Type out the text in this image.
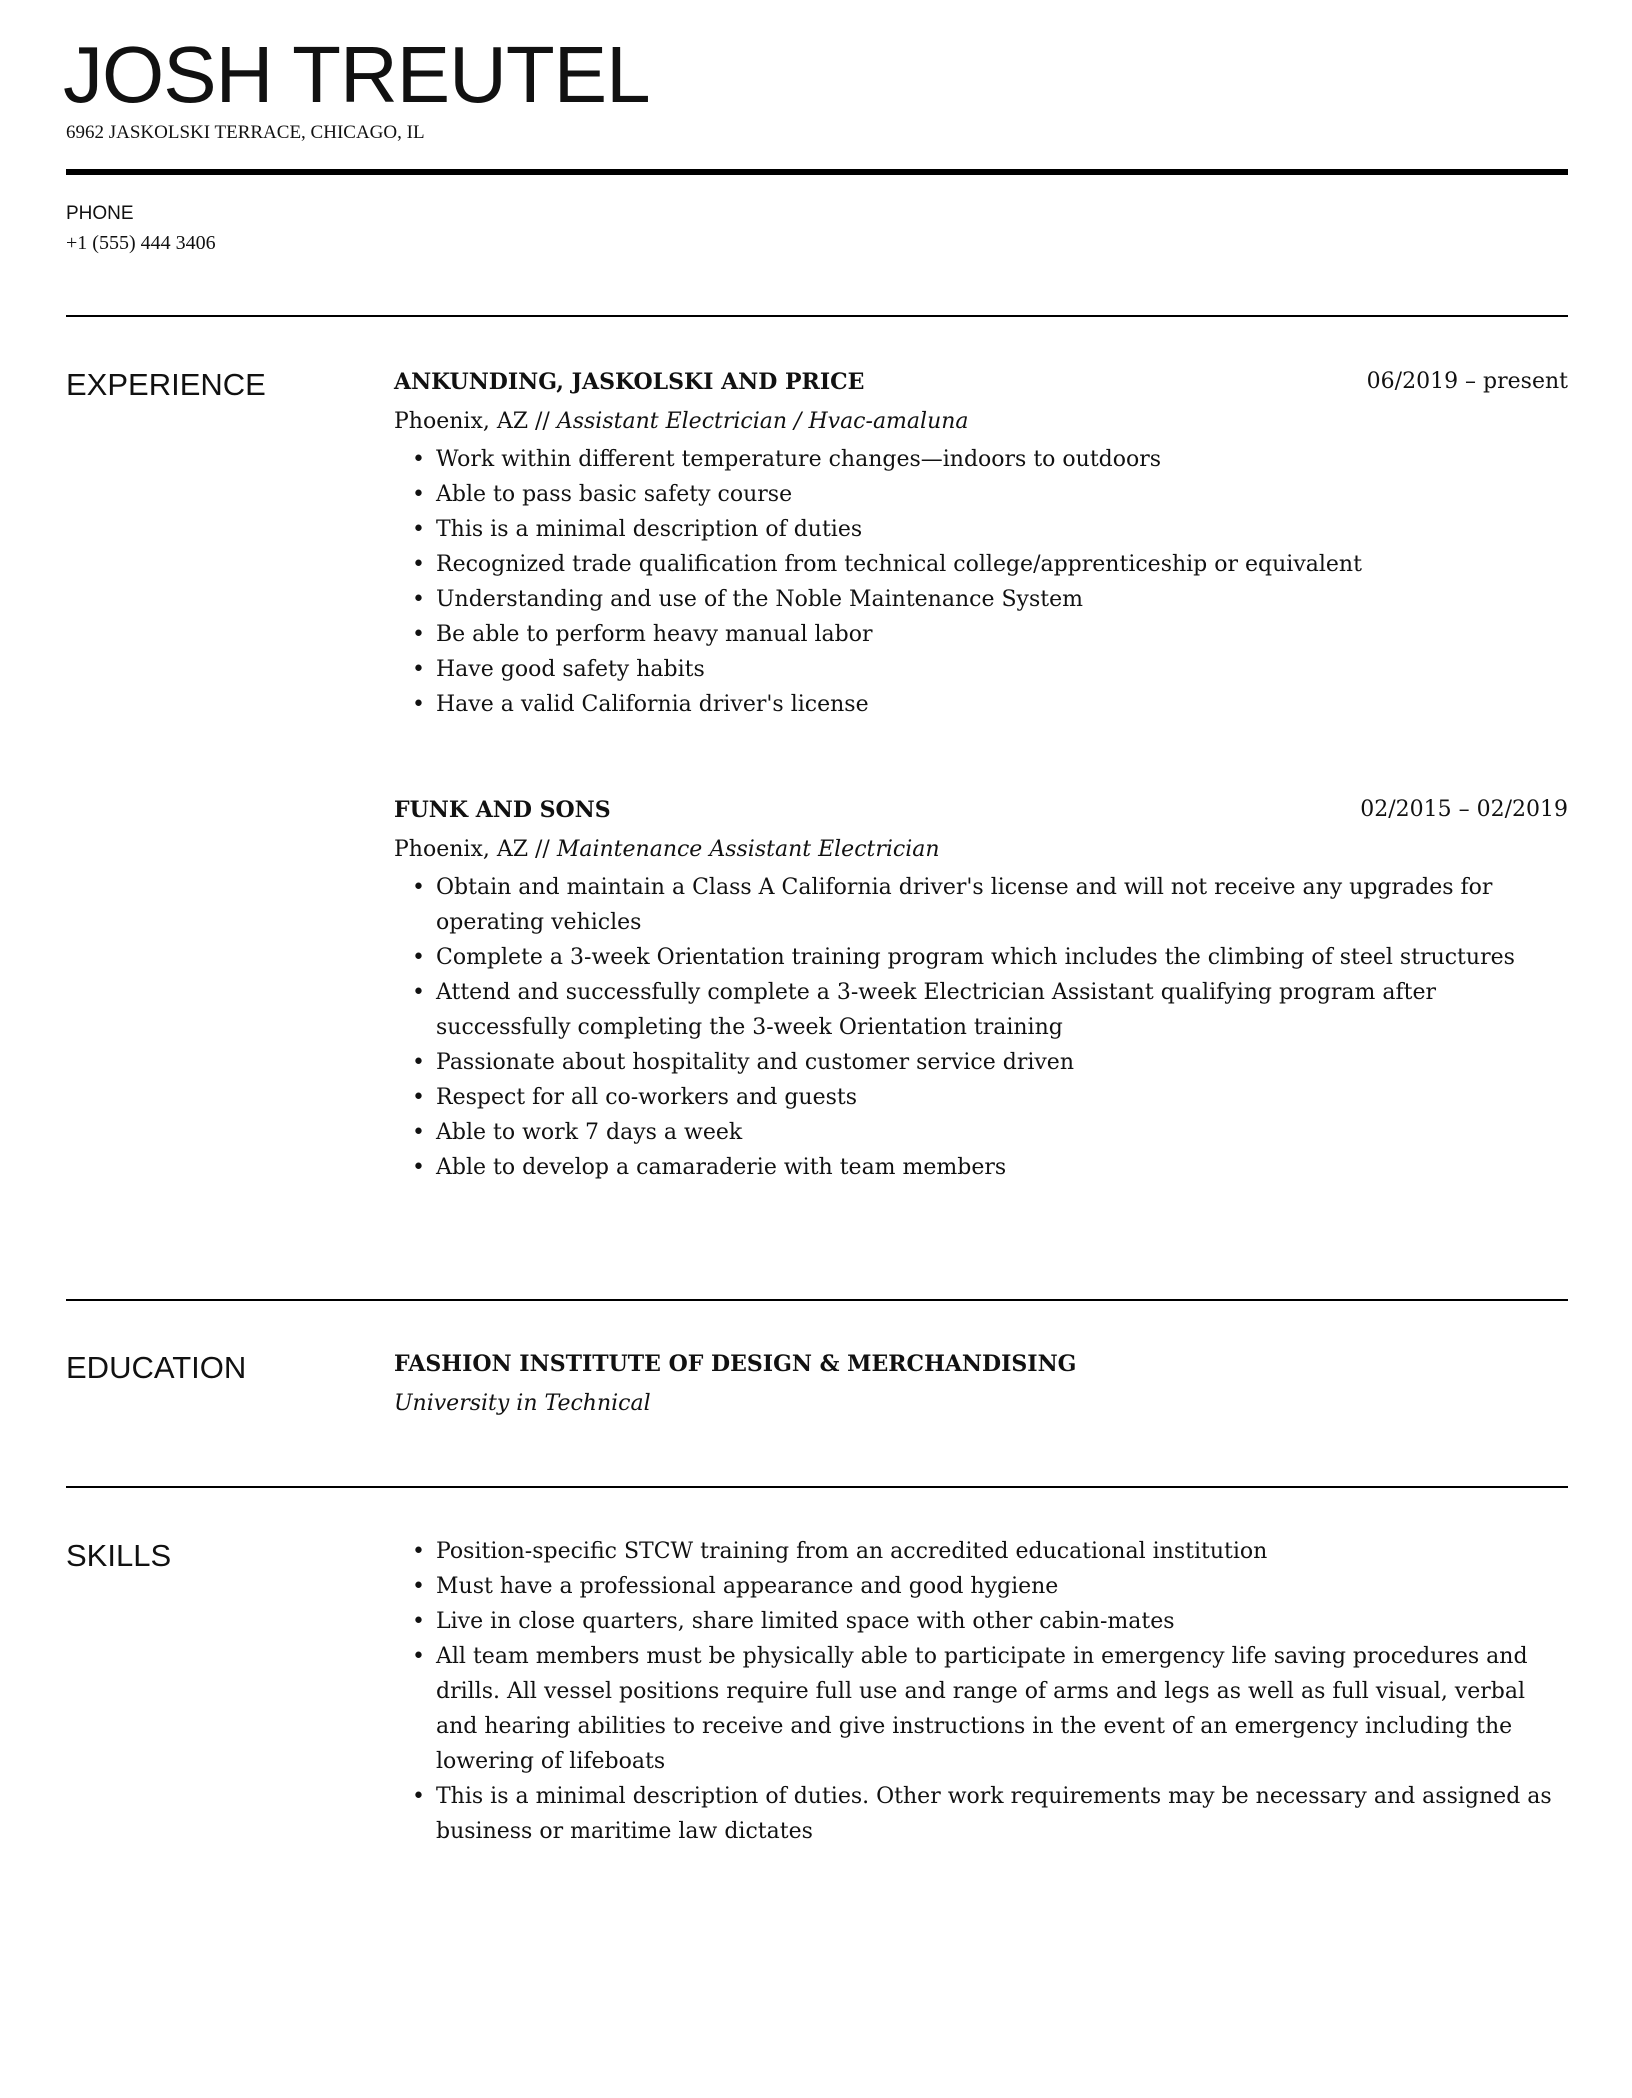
JOSH TREUTEL
6962 JASKOLSKI TERRACE, CHICAGO, IL
PHONE
+1 (555) 444 3406
EXPERIENCE	ANKUNDING, JASKOLSKI AND PRICE	06/2019 – present
Phoenix, AZ // Assistant Electrician / Hvac-amaluna
• Work within different temperature changes—indoors to outdoors
• Able to pass basic safety course
• This is a minimal description of duties
• Recognized trade qualification from technical college/apprenticeship or equivalent
• Understanding and use of the Noble Maintenance System
• Be able to perform heavy manual labor
• Have good safety habits
• Have a valid California driver's license
FUNK AND SONS	02/2015 – 02/2019
Phoenix, AZ // Maintenance Assistant Electrician
• Obtain and maintain a Class A California driver's license and will not receive any upgrades for operating vehicles
• Complete a 3-week Orientation training program which includes the climbing of steel structures
• Attend and successfully complete a 3-week Electrician Assistant qualifying program after successfully completing the 3-week Orientation training
• Passionate about hospitality and customer service driven
• Respect for all co-workers and guests
• Able to work 7 days a week
• Able to develop a camaraderie with team members
EDUCATION	FASHION INSTITUTE OF DESIGN & MERCHANDISING
University in Technical
SKILLS	• Position-specific STCW training from an accredited educational institution
• Must have a professional appearance and good hygiene
• Live in close quarters, share limited space with other cabin-mates
• All team members must be physically able to participate in emergency life saving procedures and drills. All vessel positions require full use and range of arms and legs as well as full visual, verbal and hearing abilities to receive and give instructions in the event of an emergency including the lowering of lifeboats
• This is a minimal description of duties. Other work requirements may be necessary and assigned as business or maritime law dictates
